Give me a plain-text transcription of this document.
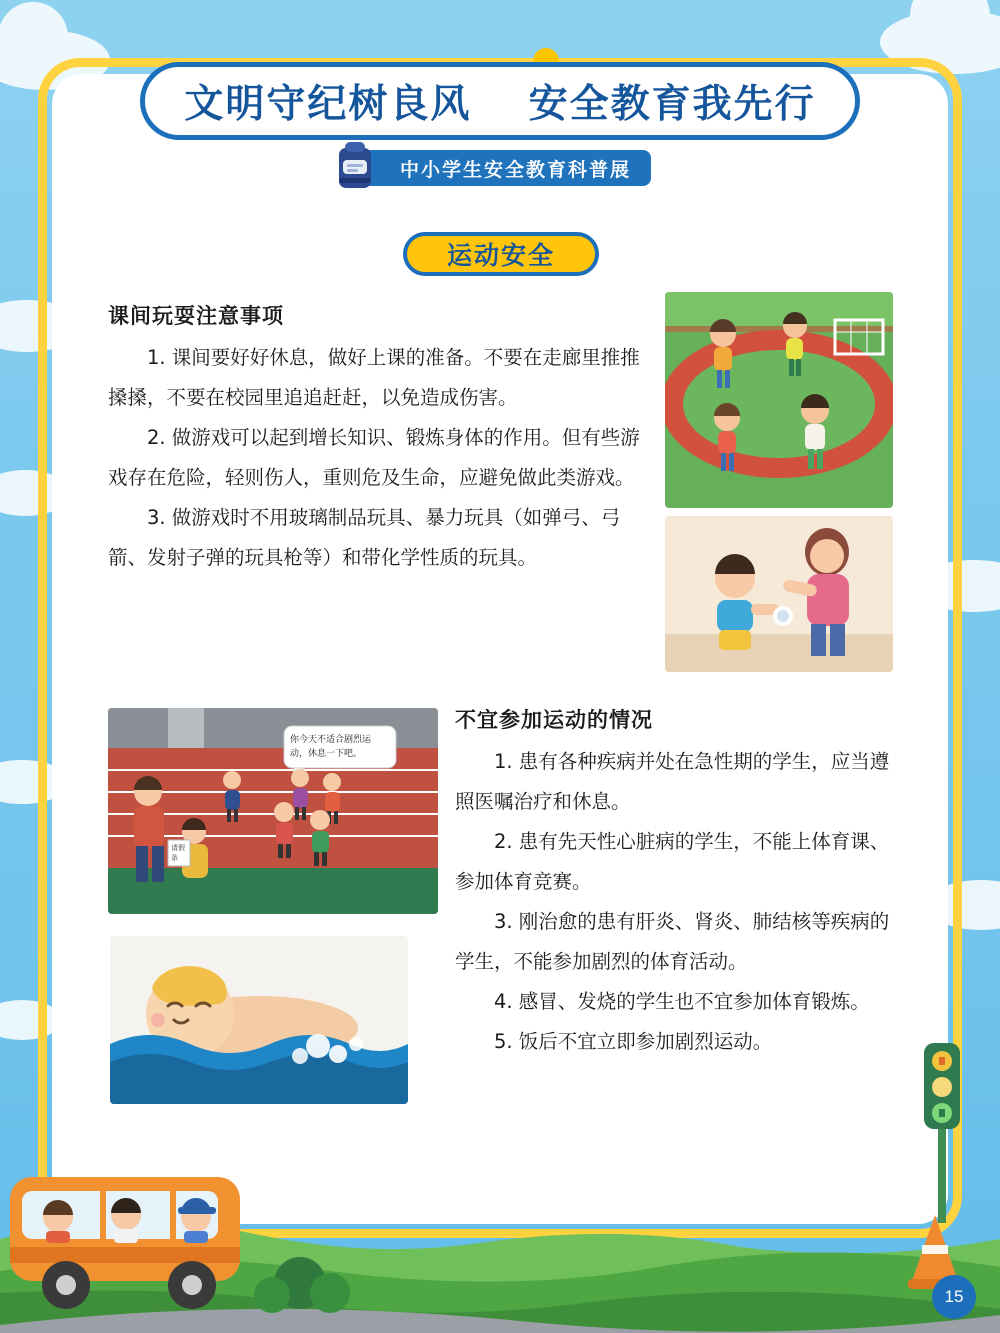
文明守纪树良风 安全教育我先行
中小学生安全教育科普展
运动安全
课间玩耍注意事项
1. 课间要好好休息，做好上课的准备。不要在走廊里推推搡搡，不要在校园里追追赶赶，以免造成伤害。
2. 做游戏可以起到增长知识、锻炼身体的作用。但有些游戏存在危险，轻则伤人，重则危及生命，应避免做此类游戏。
3. 做游戏时不用玻璃制品玩具、暴力玩具（如弹弓、弓箭、发射子弹的玩具枪等）和带化学性质的玩具。
不宜参加运动的情况
1. 患有各种疾病并处在急性期的学生，应当遵照医嘱治疗和休息。
2. 患有先天性心脏病的学生，不能上体育课、参加体育竞赛。
3. 刚治愈的患有肝炎、肾炎、肺结核等疾病的学生，不能参加剧烈的体育活动。
4. 感冒、发烧的学生也不宜参加体育锻炼。
5. 饭后不宜立即参加剧烈运动。
你今天不适合剧烈运
动，休息一下吧。
请假
条
15
